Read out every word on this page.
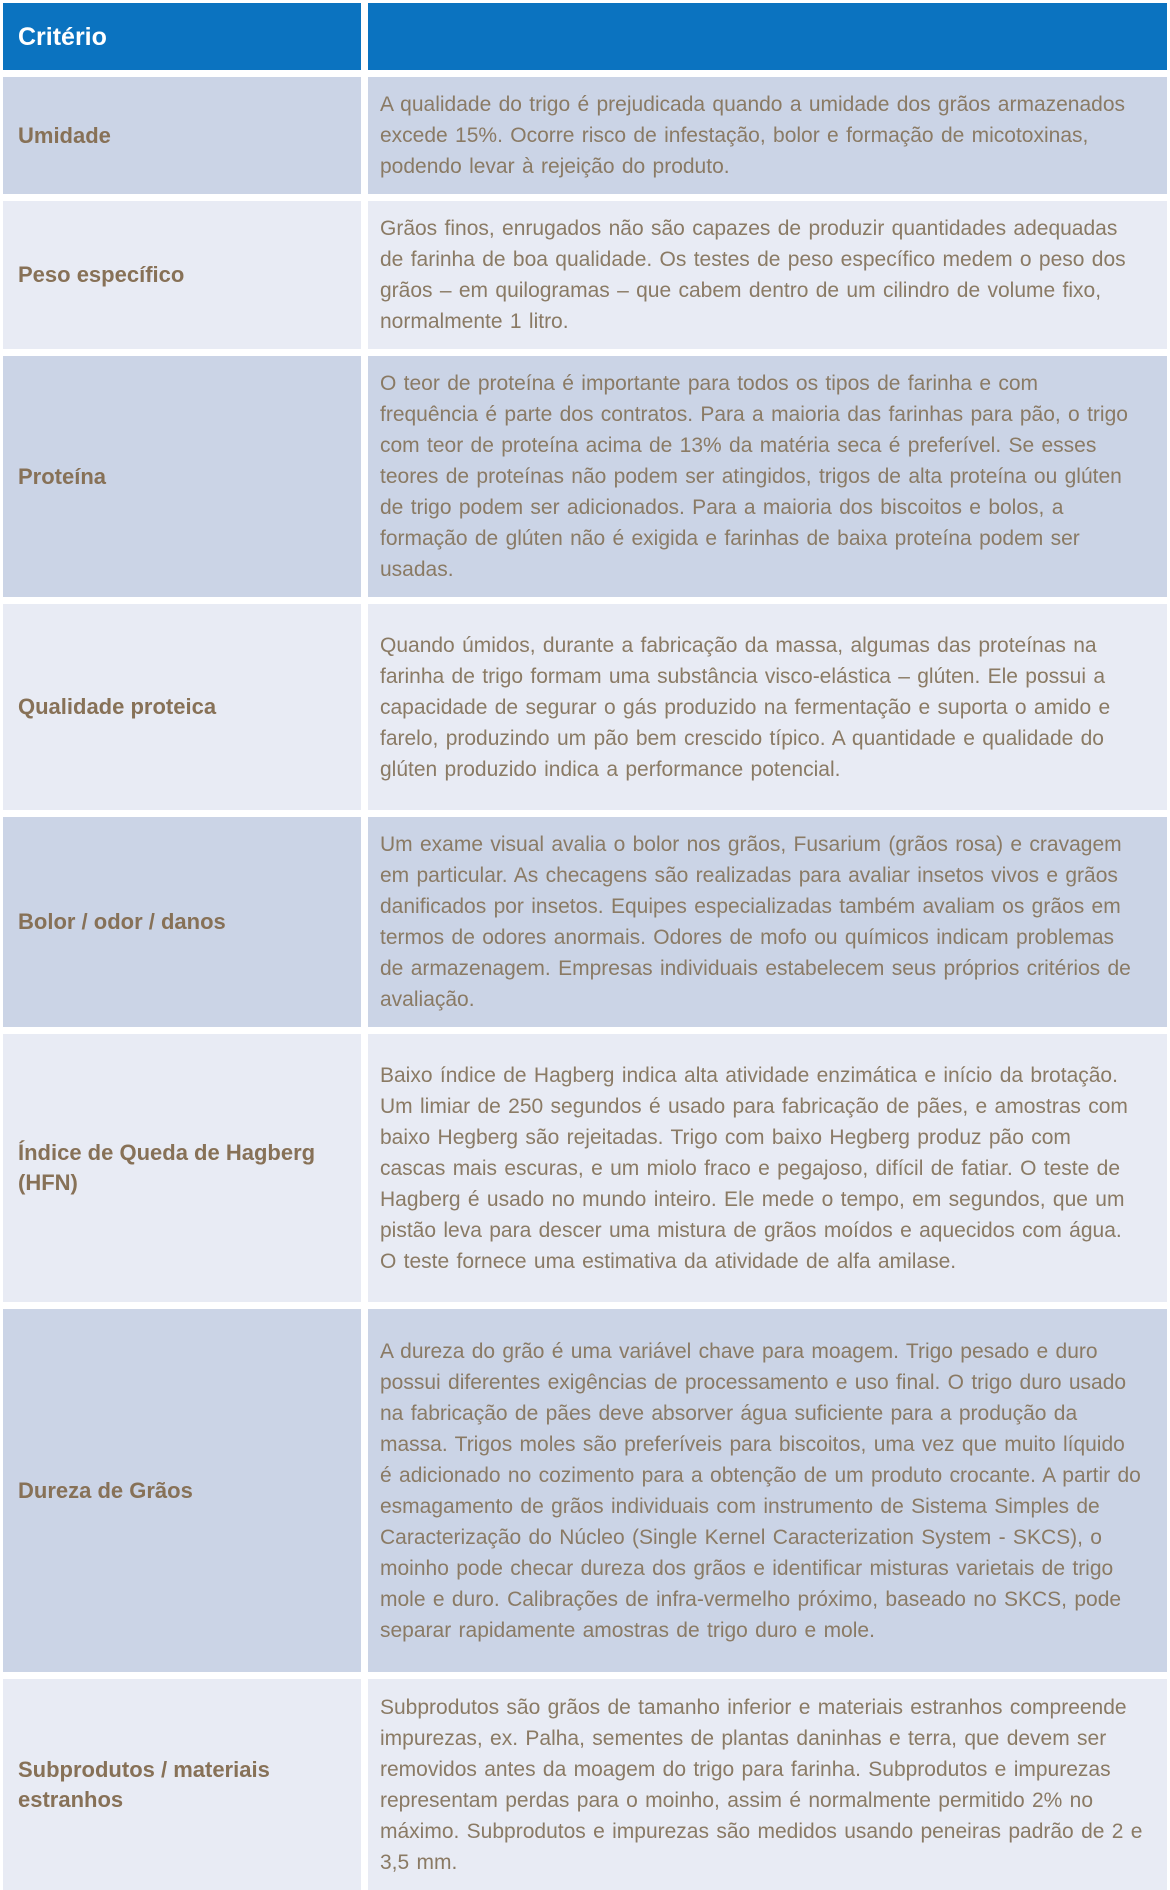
Critério
Umidade

A qualidade do trigo é prejudicada quando a umidade dos grãos armazenados excede 15%. Ocorre risco de infestação, bolor e formação de micotoxinas, podendo levar à rejeição do produto.

Peso específico

Grãos finos, enrugados não são capazes de produzir quantidades adequadas de farinha de boa qualidade. Os testes de peso específico medem o peso dos grãos – em quilogramas – que cabem dentro de um cilindro de volume fixo, normalmente 1 litro.

Proteína

O teor de proteína é importante para todos os tipos de farinha e com frequência é parte dos contratos. Para a maioria das farinhas para pão, o trigo com teor de proteína acima de 13% da matéria seca é preferível. Se esses teores de proteínas não podem ser atingidos, trigos de alta proteína ou glúten de trigo podem ser adicionados. Para a maioria dos biscoitos e bolos, a formação de glúten não é exigida e farinhas de baixa proteína podem ser usadas.

Qualidade proteica

Quando úmidos, durante a fabricação da massa, algumas das proteínas na farinha de trigo formam uma substância visco-elástica – glúten. Ele possui a capacidade de segurar o gás produzido na fermentação e suporta o amido e farelo, produzindo um pão bem crescido típico. A quantidade e qualidade do glúten produzido indica a performance potencial.

Bolor / odor / danos

Um exame visual avalia o bolor nos grãos, Fusarium (grãos rosa) e cravagem em particular. As checagens são realizadas para avaliar insetos vivos e grãos danificados por insetos. Equipes especializadas também avaliam os grãos em termos de odores anormais. Odores de mofo ou químicos indicam problemas de armazenagem. Empresas individuais estabelecem seus próprios critérios de avaliação.

Índice de Queda de Hagberg (HFN)

Baixo índice de Hagberg indica alta atividade enzimática e início da brotação. Um limiar de 250 segundos é usado para fabricação de pães, e amostras com baixo Hegberg são rejeitadas. Trigo com baixo Hegberg produz pão com cascas mais escuras, e um miolo fraco e pegajoso, difícil de fatiar. O teste de Hagberg é usado no mundo inteiro. Ele mede o tempo, em segundos, que um pistão leva para descer uma mistura de grãos moídos e aquecidos com água. O teste fornece uma estimativa da atividade de alfa amilase.

Dureza de Grãos

A dureza do grão é uma variável chave para moagem. Trigo pesado e duro possui diferentes exigências de processamento e uso final. O trigo duro usado na fabricação de pães deve absorver água suficiente para a produção da massa. Trigos moles são preferíveis para biscoitos, uma vez que muito líquido é adicionado no cozimento para a obtenção de um produto crocante. A partir do esmagamento de grãos individuais com instrumento de Sistema Simples de Caracterização do Núcleo (Single Kernel Caracterization System - SKCS), o moinho pode checar dureza dos grãos e identificar misturas varietais de trigo mole e duro. Calibrações de infra-vermelho próximo, baseado no SKCS, pode separar rapidamente amostras de trigo duro e mole.

Subprodutos / materiais estranhos

Subprodutos são grãos de tamanho inferior e materiais estranhos compreende impurezas, ex. Palha, sementes de plantas daninhas e terra, que devem ser removidos antes da moagem do trigo para farinha. Subprodutos e impurezas representam perdas para o moinho, assim é normalmente permitido 2% no máximo. Subprodutos e impurezas são medidos usando peneiras padrão de 2 e 3,5 mm.
